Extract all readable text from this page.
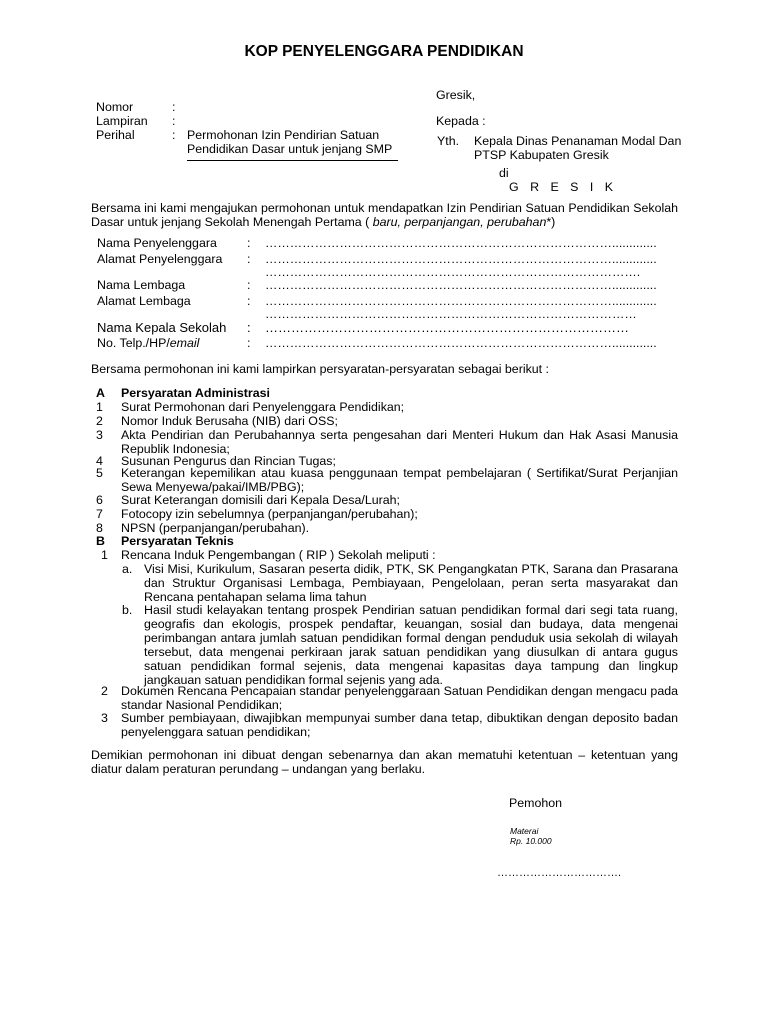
KOP PENYELENGGARA PENDIDIKAN
Gresik,
Nomor	:
Lampiran :
Perihal	: Permohonan Izin Pendirian Satuan
Pendidikan Dasar untuk jenjang SMP
Kepada :
Yth. Kepala Dinas Penanaman Modal Dan
PTSP Kabupaten Gresik
di
G R E S I K
Bersama ini kami mengajukan permohonan untuk mendapatkan Izin Pendirian Satuan Pendidikan Sekolah Dasar untuk jenjang Sekolah Menengah Pertama ( baru, perpanjangan, perubahan*)
Nama Penyelenggara : ………………………………………………………………………….............
Alamat Penyelenggara : ………………………………………………………………………….............
……………………………………………………………………………….
Nama Lembaga	: ………………………………………………………………………….............
Alamat Lembaga	: ………………………………………………………………………….............
………………………………………………………………………………
Nama Kepala Sekolah : …………………………………………………………………………
No. Telp./HP/email	: ………………………………………………………………………….............
Bersama permohonan ini kami lampirkan persyaratan-persyaratan sebagai berikut :
A Persyaratan Administrasi
1 Surat Permohonan dari Penyelenggara Pendidikan;
2 Nomor Induk Berusaha (NIB) dari OSS;
3 Akta Pendirian dan Perubahannya serta pengesahan dari Menteri Hukum dan Hak Asasi Manusia Republik Indonesia;
4 Susunan Pengurus dan Rincian Tugas;
5 Keterangan kepemilikan atau kuasa penggunaan tempat pembelajaran ( Sertifikat/Surat Perjanjian Sewa Menyewa/pakai/IMB/PBG);
6 Surat Keterangan domisili dari Kepala Desa/Lurah;
7 Fotocopy izin sebelumnya (perpanjangan/perubahan);
8 NPSN (perpanjangan/perubahan).
B Persyaratan Teknis
1 Rencana Induk Pengembangan ( RIP ) Sekolah meliputi :
a. Visi Misi, Kurikulum, Sasaran peserta didik, PTK, SK Pengangkatan PTK, Sarana dan Prasarana dan Struktur Organisasi Lembaga, Pembiayaan, Pengelolaan, peran serta masyarakat dan Rencana pentahapan selama lima tahun
b. Hasil studi kelayakan tentang prospek Pendirian satuan pendidikan formal dari segi tata ruang, geografis dan ekologis, prospek pendaftar, keuangan, sosial dan budaya, data mengenai perimbangan antara jumlah satuan pendidikan formal dengan penduduk usia sekolah di wilayah tersebut, data mengenai perkiraan jarak satuan pendidikan yang diusulkan di antara gugus satuan pendidikan formal sejenis, data mengenai kapasitas daya tampung dan lingkup jangkauan satuan pendidikan formal sejenis yang ada.
2 Dokumen Rencana Pencapaian standar penyelenggaraan Satuan Pendidikan dengan mengacu pada standar Nasional Pendidikan;
3 Sumber pembiayaan, diwajibkan mempunyai sumber dana tetap, dibuktikan dengan deposito badan penyelenggara satuan pendidikan;
Demikian permohonan ini dibuat dengan sebenarnya dan akan mematuhi ketentuan – ketentuan yang diatur dalam peraturan perundang – undangan yang berlaku.
Pemohon
Materai
Rp. 10.000
…………………………….
